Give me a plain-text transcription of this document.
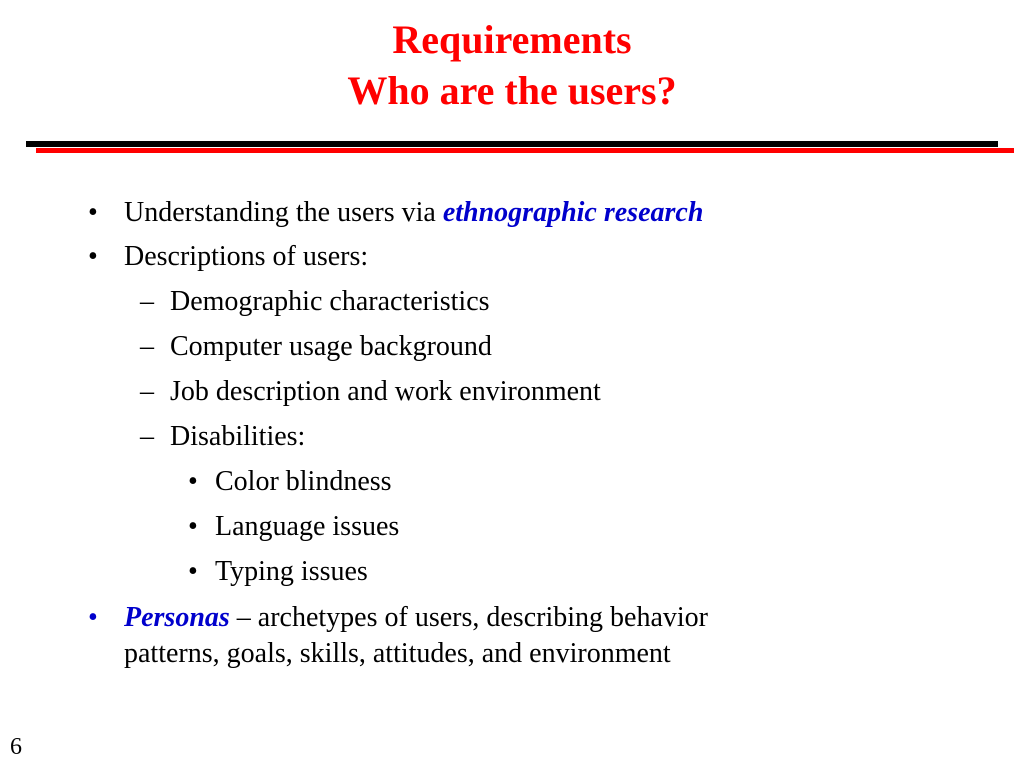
Requirements
Who are the users?
• Understanding the users via ethnographic research
• Descriptions of users:
– Demographic characteristics
– Computer usage background
– Job description and work environment
– Disabilities:
• Color blindness
• Language issues
• Typing issues
• Personas – archetypes of users, describing behavior
patterns, goals, skills, attitudes, and environment
6
